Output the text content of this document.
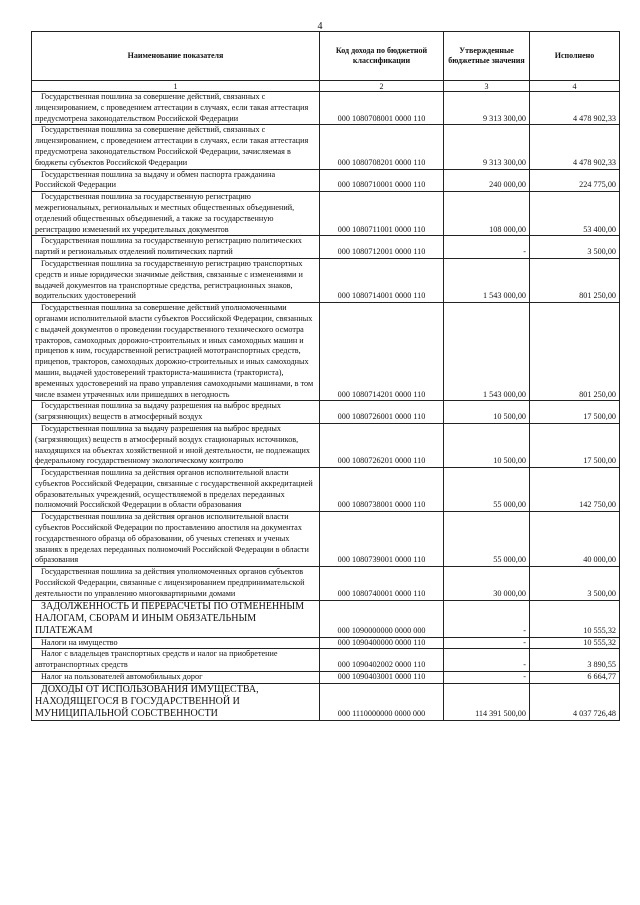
4
Наименование показателя	Код дохода по бюджетной классификации	Утвержденные бюджетные значения	Исполнено
1	2	3	4
Государственная пошлина за совершение действий, связанных с лицензированием, с проведением аттестации в случаях, если такая аттестация предусмотрена законодательством Российской Федерации	000 1080708001 0000 110	9 313 300,00	4 478 902,33
Государственная пошлина за совершение действий, связанных с лицензированием, с проведением аттестации в случаях, если такая аттестация предусмотрена законодательством Российской Федерации, зачисляемая в бюджеты субъектов Российской Федерации	000 1080708201 0000 110	9 313 300,00	4 478 902,33
Государственная пошлина за выдачу и обмен паспорта гражданина Российской Федерации	000 1080710001 0000 110	240 000,00	224 775,00
Государственная пошлина за государственную регистрацию межрегиональных, региональных и местных общественных объединений, отделений общественных объединений, а также за государственную регистрацию изменений их учредительных документов	000 1080711001 0000 110	108 000,00	53 400,00
Государственная пошлина за государственную регистрацию политических партий и региональных отделений политических партий	000 1080712001 0000 110	-	3 500,00
Государственная пошлина за государственную регистрацию транспортных средств и иные юридически значимые действия, связанные с изменениями и выдачей документов на транспортные средства, регистрационных знаков, водительских удостоверений	000 1080714001 0000 110	1 543 000,00	801 250,00
Государственная пошлина за совершение действий уполномоченными органами исполнительной власти субъектов Российской Федерации, связанных с выдачей документов о проведении государственного технического осмотра тракторов, самоходных дорожно-строительных и иных самоходных машин и прицепов к ним, государственной регистрацией мототранспортных средств, прицепов, тракторов, самоходных дорожно-строительных и иных самоходных машин, выдачей удостоверений тракториста-машиниста (тракториста), временных удостоверений на право управления самоходными машинами, в том числе взамен утраченных или пришедших в негодность	000 1080714201 0000 110	1 543 000,00	801 250,00
Государственная пошлина за выдачу разрешения на выброс вредных (загрязняющих) веществ в атмосферный воздух	000 1080726001 0000 110	10 500,00	17 500,00
Государственная пошлина за выдачу разрешения на выброс вредных (загрязняющих) веществ в атмосферный воздух стационарных источников, находящихся на объектах хозяйственной и иной деятельности, не подлежащих федеральному государственному экологическому контролю	000 1080726201 0000 110	10 500,00	17 500,00
Государственная пошлина за действия органов исполнительной власти субъектов Российской Федерации, связанные с государственной аккредитацией образовательных учреждений, осуществляемой в пределах переданных полномочий Российской Федерации в области образования	000 1080738001 0000 110	55 000,00	142 750,00
Государственная пошлина за действия органов исполнительной власти субъектов Российской Федерации по проставлению апостиля на документах государственного образца об образовании, об ученых степенях и ученых званиях в пределах переданных полномочий Российской Федерации в области образования	000 1080739001 0000 110	55 000,00	40 000,00
Государственная пошлина за действия уполномоченных органов субъектов Российской Федерации, связанные с лицензированием предпринимательской деятельности по управлению многоквартирными домами	000 1080740001 0000 110	30 000,00	3 500,00
ЗАДОЛЖЕННОСТЬ И ПЕРЕРАСЧЕТЫ ПО ОТМЕНЕННЫМ НАЛОГАМ, СБОРАМ И ИНЫМ ОБЯЗАТЕЛЬНЫМ ПЛАТЕЖАМ	000 1090000000 0000 000	-	10 555,32
Налоги на имущество	000 1090400000 0000 110	-	10 555,32
Налог с владельцев транспортных средств и налог на приобретение автотранспортных средств	000 1090402002 0000 110	-	3 890,55
Налог на пользователей автомобильных дорог	000 1090403001 0000 110	-	6 664,77
ДОХОДЫ ОТ ИСПОЛЬЗОВАНИЯ ИМУЩЕСТВА, НАХОДЯЩЕГОСЯ В ГОСУДАРСТВЕННОЙ И МУНИЦИПАЛЬНОЙ СОБСТВЕННОСТИ	000 1110000000 0000 000	114 391 500,00	4 037 726,48
